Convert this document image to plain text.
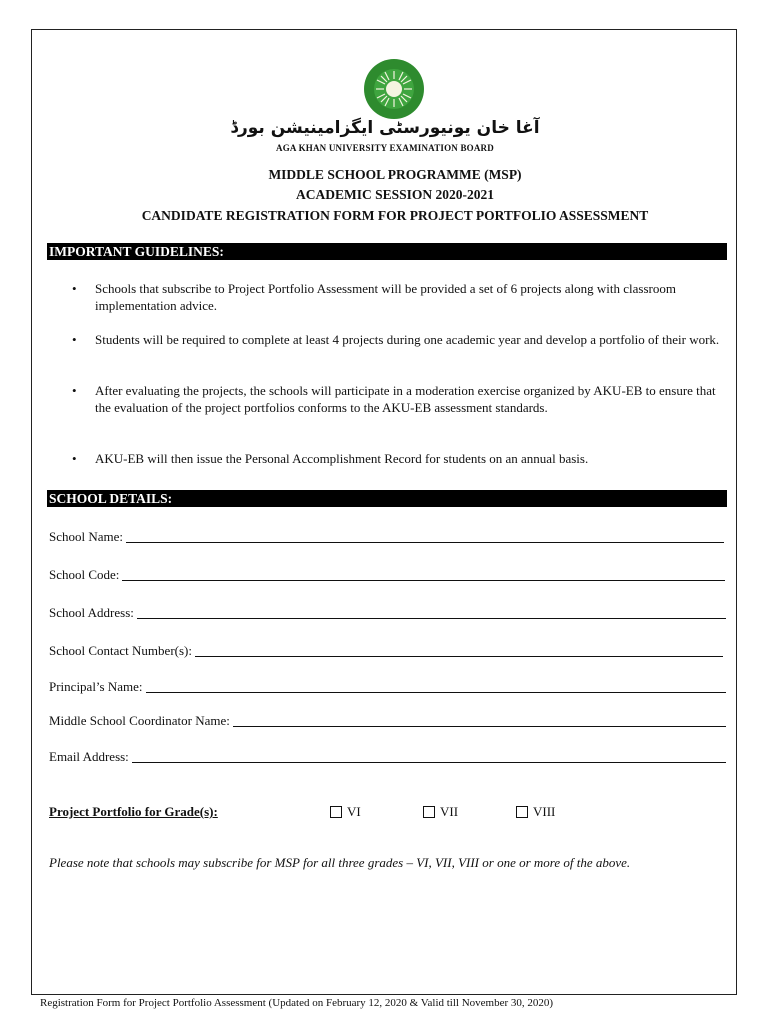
آغا خان یونیورسٹی ایگزامینیشن بورڈ
AGA KHAN UNIVERSITY EXAMINATION BOARD
MIDDLE SCHOOL PROGRAMME (MSP)
ACADEMIC SESSION 2020-2021
CANDIDATE REGISTRATION FORM FOR PROJECT PORTFOLIO ASSESSMENT
IMPORTANT GUIDELINES:
• Schools that subscribe to Project Portfolio Assessment will be provided a set of 6 projects along with classroom implementation advice.
• Students will be required to complete at least 4 projects during one academic year and develop a portfolio of their work.
• After evaluating the projects, the schools will participate in a moderation exercise organized by AKU-EB to ensure that the evaluation of the project portfolios conforms to the AKU-EB assessment standards.
• AKU-EB will then issue the Personal Accomplishment Record for students on an annual basis.
SCHOOL DETAILS:
School Name:
School Code:
School Address:
School Contact Number(s):
Principal’s Name:
Middle School Coordinator Name:
Email Address:
Project Portfolio for Grade(s):	VI	VII	VIII
Please note that schools may subscribe for MSP for all three grades – VI, VII, VIII or one or more of the above.
Registration Form for Project Portfolio Assessment (Updated on February 12, 2020 & Valid till November 30, 2020)
